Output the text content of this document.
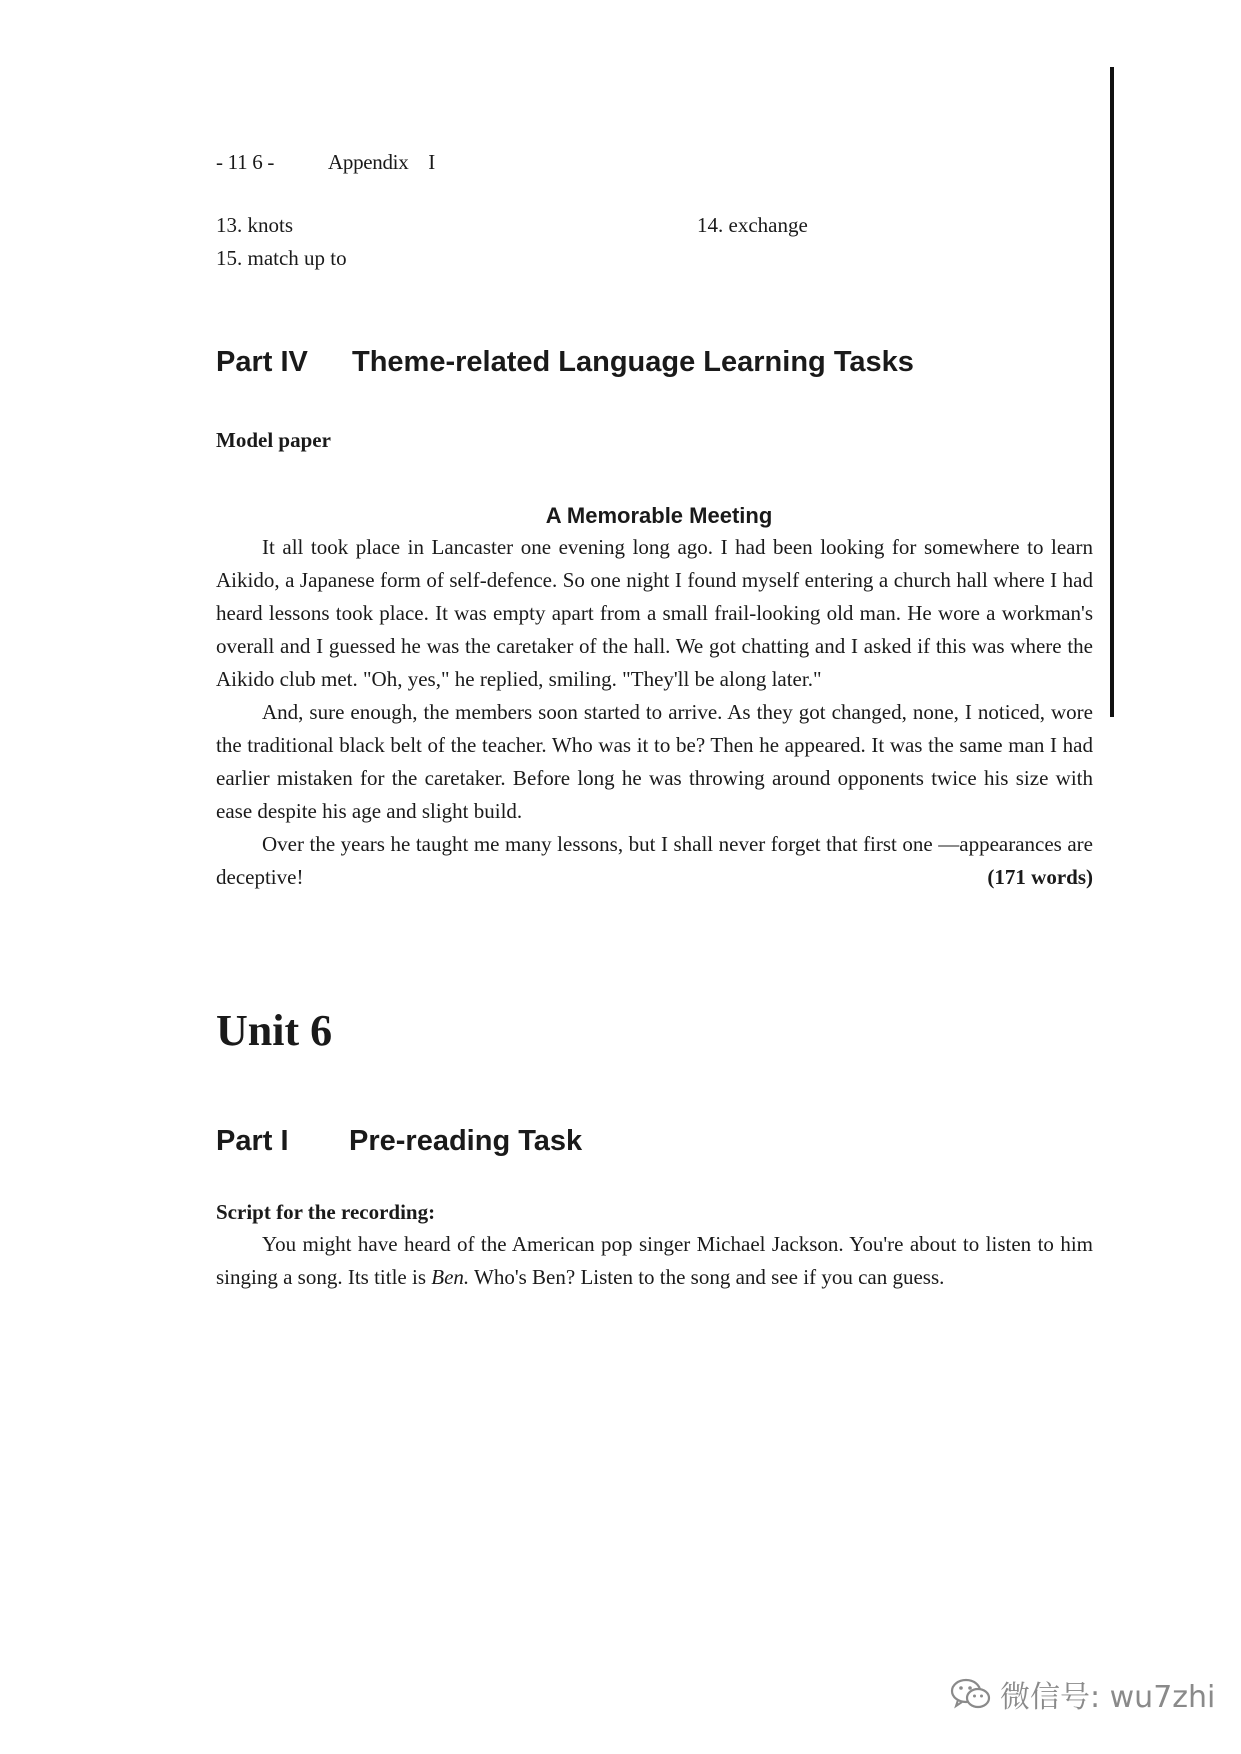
- 11 6 -	Appendix I
13. knots	14. exchange
15. match up to
Part IV Theme-related Language Learning Tasks
Model paper
A Memorable Meeting

It all took place in Lancaster one evening long ago. I had been looking for somewhere to learn Aikido, a Japanese form of self-defence. So one night I found myself entering a church hall where I had heard lessons took place. It was empty apart from a small frail-looking old man. He wore a workman's overall and I guessed he was the caretaker of the hall. We got chatting and I asked if this was where the Aikido club met. "Oh, yes," he replied, smiling. "They'll be along later."

And, sure enough, the members soon started to arrive. As they got changed, none, I noticed, wore the traditional black belt of the teacher. Who was it to be? Then he appeared. It was the same man I had earlier mistaken for the caretaker. Before long he was throwing around opponents twice his size with ease despite his age and slight build.

Over the years he taught me many lessons, but I shall never forget that first one —appearances are deceptive!	(171 words)

Unit 6
Part I Pre-reading Task
Script for the recording:

You might have heard of the American pop singer Michael Jackson. You're about to listen to him singing a song. Its title is Ben. Who's Ben? Listen to the song and see if you can guess.

微信号: wu7zhi
